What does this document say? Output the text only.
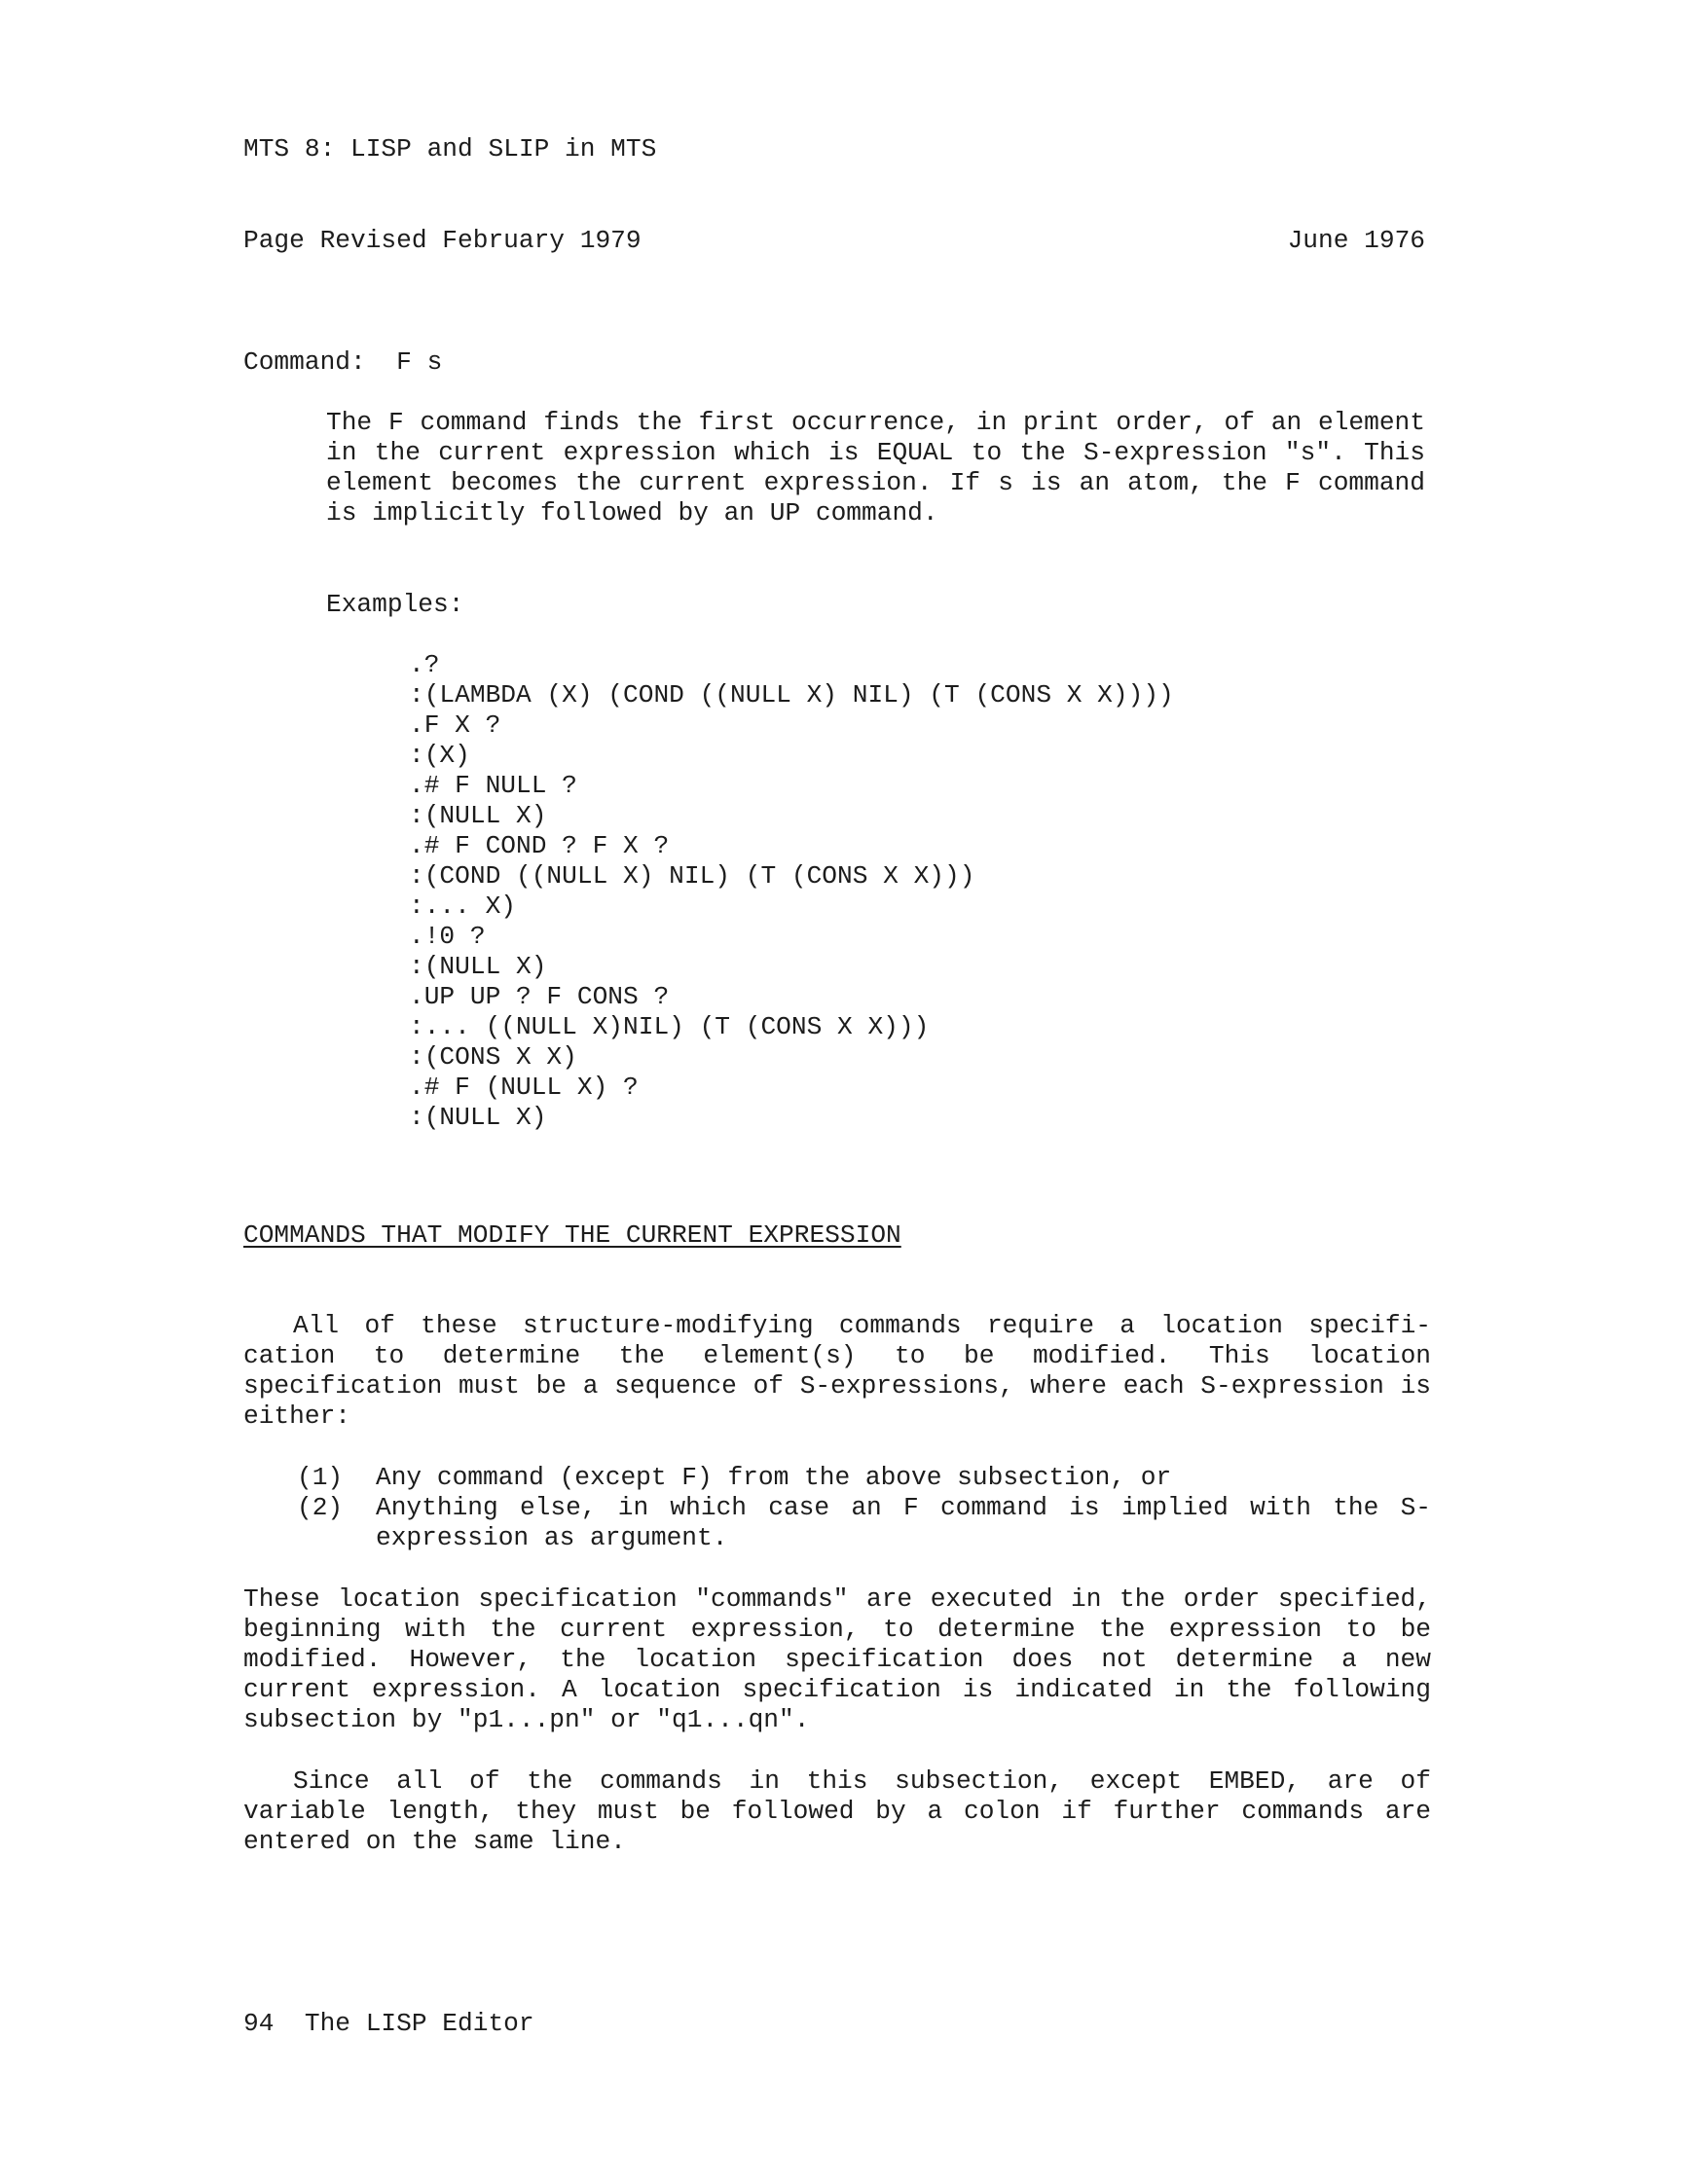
MTS 8: LISP and SLIP in MTS
Page Revised February 1979	June 1976
Command:  F s
The F command finds the first occurrence, in print order, of an element in the current expression which is EQUAL to the S-expression "s". This element becomes the current expression. If s is an atom, the F command is implicitly followed by an UP command.
Examples:
.?
:(LAMBDA (X) (COND ((NULL X) NIL) (T (CONS X X))))
.F X ?
:(X)
.# F NULL ?
:(NULL X)
.# F COND ? F X ?
:(COND ((NULL X) NIL) (T (CONS X X)))
:... X)
.!0 ?
:(NULL X)
.UP UP ? F CONS ?
:... ((NULL X)NIL) (T (CONS X X)))
:(CONS X X)
.# F (NULL X) ?
:(NULL X)
COMMANDS THAT MODIFY THE CURRENT EXPRESSION
All of these structure-modifying commands require a location specifi- cation to determine the element(s) to be modified. This location specification must be a sequence of S-expressions, where each S-expression is either:
(1) Any command (except F) from the above subsection, or
(2) Anything else, in which case an F command is implied with the S-expression as argument.
These location specification "commands" are executed in the order specified, beginning with the current expression, to determine the expression to be modified. However, the location specification does not determine a new current expression. A location specification is indicated in the following subsection by "p1...pn" or "q1...qn".
Since all of the commands in this subsection, except EMBED, are of variable length, they must be followed by a colon if further commands are entered on the same line.
94  The LISP Editor
